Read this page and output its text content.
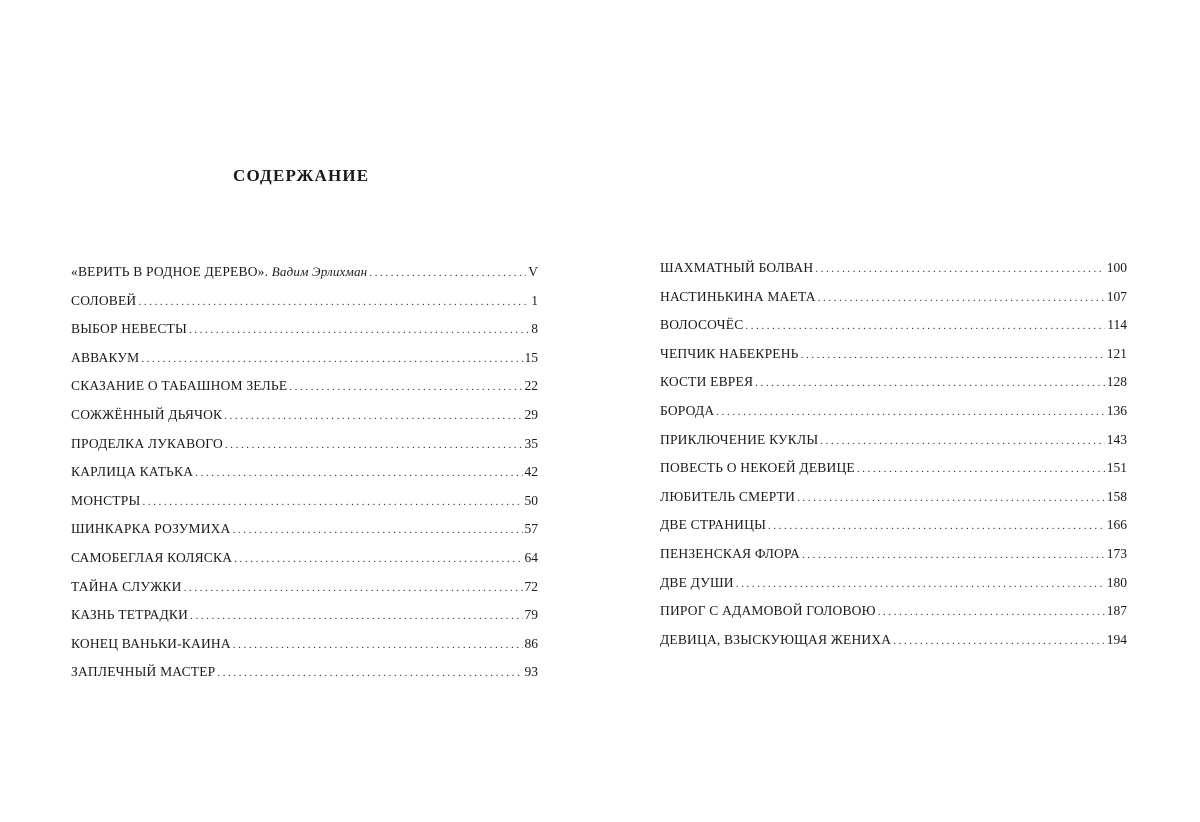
СОДЕРЖАНИЕ
«ВЕРИТЬ В РОДНОЕ ДЕРЕВО». Вадим Эрлихман .....	V
СОЛОВЕЙ .....	1
ВЫБОР НЕВЕСТЫ .....	8
АВВАКУМ .....	15
СКАЗАНИЕ О ТАБАШНОМ ЗЕЛЬЕ .....	22
СОЖЖЁННЫЙ ДЬЯЧОК .....	29
ПРОДЕЛКА ЛУКАВОГО .....	35
КАРЛИЦА КАТЬКА .....	42
МОНСТРЫ .....	50
ШИНКАРКА РОЗУМИХА .....	57
САМОБЕГЛАЯ КОЛЯСКА .....	64
ТАЙНА СЛУЖКИ .....	72
КАЗНЬ ТЕТРАДКИ .....	79
КОНЕЦ ВАНЬКИ-КАИНА .....	86
ЗАПЛЕЧНЫЙ МАСТЕР .....	93
ШАХМАТНЫЙ БОЛВАН .....	100
НАСТИНЬКИНА МАЕТА .....	107
ВОЛОСОЧЁС .....	114
ЧЕПЧИК НАБЕКРЕНЬ .....	121
КОСТИ ЕВРЕЯ .....	128
БОРОДА .....	136
ПРИКЛЮЧЕНИЕ КУКЛЫ .....	143
ПОВЕСТЬ О НЕКОЕЙ ДЕВИЦЕ .....	151
ЛЮБИТЕЛЬ СМЕРТИ .....	158
ДВЕ СТРАНИЦЫ .....	166
ПЕНЗЕНСКАЯ ФЛОРА .....	173
ДВЕ ДУШИ .....	180
ПИРОГ С АДАМОВОЙ ГОЛОВОЮ .....	187
ДЕВИЦА, ВЗЫСКУЮЩАЯ ЖЕНИХА .....	194
